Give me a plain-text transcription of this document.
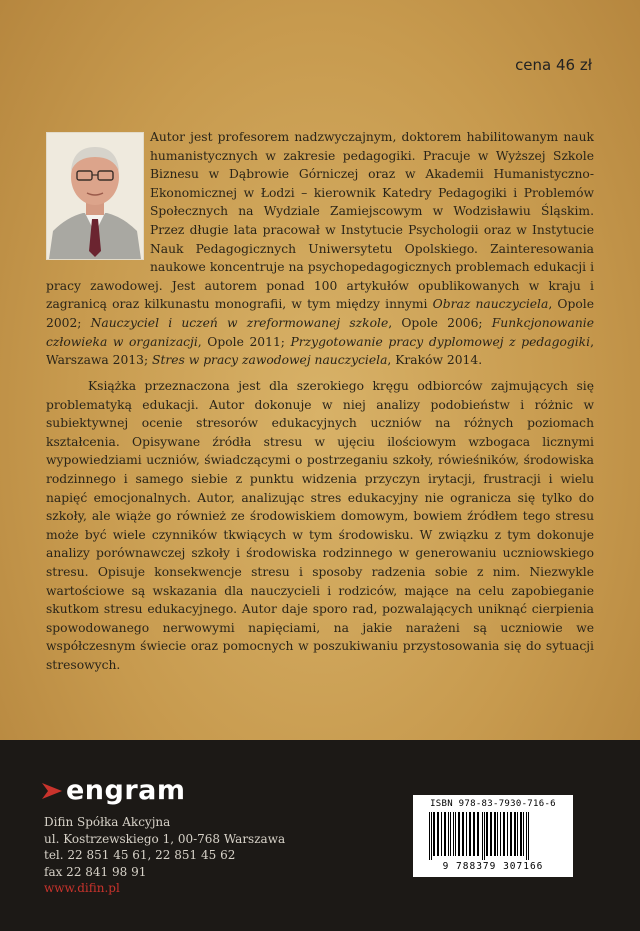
cena 46 zł

Autor jest profesorem nadzwyczajnym, doktorem habilitowanym nauk humanistycznych w zakresie pedagogiki. Pracuje w Wyższej Szkole Biznesu w Dąbrowie Górniczej oraz w Akademii Humanistyczno-Ekonomicznej w Łodzi – kierownik Katedry Pedagogiki i Problemów Społecznych na Wydziale Zamiejscowym w Wodzisławiu Śląskim. Przez długie lata pracował w Instytucie Psychologii oraz w Instytucie Nauk Pedagogicznych Uniwersytetu Opolskiego. Zainteresowania naukowe koncentruje na psychopedagogicznych problemach edukacji i pracy zawodowej. Jest autorem ponad 100 artykułów opublikowanych w kraju i zagranicą oraz kilkunastu monografii, w tym między innymi Obraz nauczyciela, Opole 2002; Nauczyciel i uczeń w zreformowanej szkole, Opole 2006; Funkcjonowanie człowieka w organizacji, Opole 2011; Przygotowanie pracy dyplomowej z pedagogiki, Warszawa 2013; Stres w pracy zawodowej nauczyciela, Kraków 2014.

Książka przeznaczona jest dla szerokiego kręgu odbiorców zajmujących się problematyką edukacji. Autor dokonuje w niej analizy podobieństw i różnic w subiektywnej ocenie stresorów edukacyjnych uczniów na różnych poziomach kształcenia. Opisywane źródła stresu w ujęciu ilościowym wzbogaca licznymi wypowiedziami uczniów, świadczącymi o postrzeganiu szkoły, rówieśników, środowiska rodzinnego i samego siebie z punktu widzenia przyczyn irytacji, frustracji i wielu napięć emocjonalnych. Autor, analizując stres edukacyjny nie ogranicza się tylko do szkoły, ale wiąże go również ze środowiskiem domowym, bowiem źródłem tego stresu może być wiele czynników tkwiących w tym środowisku. W związku z tym dokonuje analizy porównawczej szkoły i środowiska rodzinnego w generowaniu uczniowskiego stresu. Opisuje konsekwencje stresu i sposoby radzenia sobie z nim. Niezwykle wartościowe są wskazania dla nauczycieli i rodziców, mające na celu zapobieganie skutkom stresu edukacyjnego. Autor daje sporo rad, pozwalających uniknąć cierpienia spowodowanego nerwowymi napięciami, na jakie narażeni są uczniowie we współczesnym świecie oraz pomocnych w poszukiwaniu przystosowania się do sytuacji stresowych.

engram
Difin Spółka Akcyjna
ul. Kostrzewskiego 1, 00-768 Warszawa
tel. 22 851 45 61, 22 851 45 62
fax 22 841 98 91
www.difin.pl
ISBN 978-83-7930-716-6
9 788379 307166
